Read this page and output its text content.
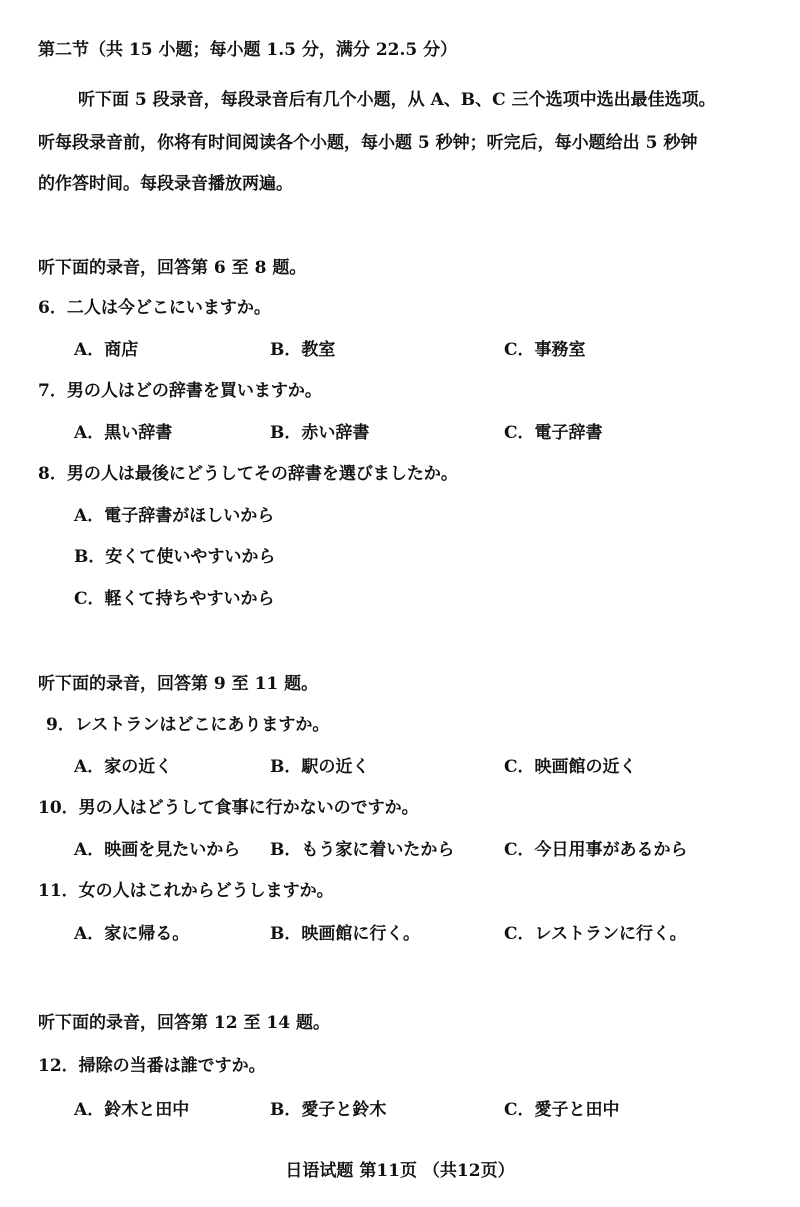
第二节（共 15 小题；每小题 1.5 分，满分 22.5 分）
听下面 5 段录音，每段录音后有几个小题，从 A、B、C 三个选项中选出最佳选项。
听每段录音前，你将有时间阅读各个小题，每小题 5 秒钟；听完后，每小题给出 5 秒钟
的作答时间。每段录音播放两遍。
听下面的录音，回答第 6 至 8 题。
6．二人は今どこにいますか。
A．商店	B．教室	C．事務室
7．男の人はどの辞書を買いますか。
A．黒い辞書	B．赤い辞書	C．電子辞書
8．男の人は最後にどうしてその辞書を選びましたか。
A．電子辞書がほしいから
B．安くて使いやすいから
C．軽くて持ちやすいから
听下面的录音，回答第 9 至 11 题。
9．レストランはどこにありますか。
A．家の近く	B．駅の近く	C．映画館の近く
10．男の人はどうして食事に行かないのですか。
A．映画を見たいから B．もう家に着いたから	C．今日用事があるから
11．女の人はこれからどうしますか。
A．家に帰る。	B．映画館に行く。	C．レストランに行く。
听下面的录音，回答第 12 至 14 题。
12．掃除の当番は誰ですか。
A．鈴木と田中	B．愛子と鈴木	C．愛子と田中
日语试题 第11页 （共12页）
